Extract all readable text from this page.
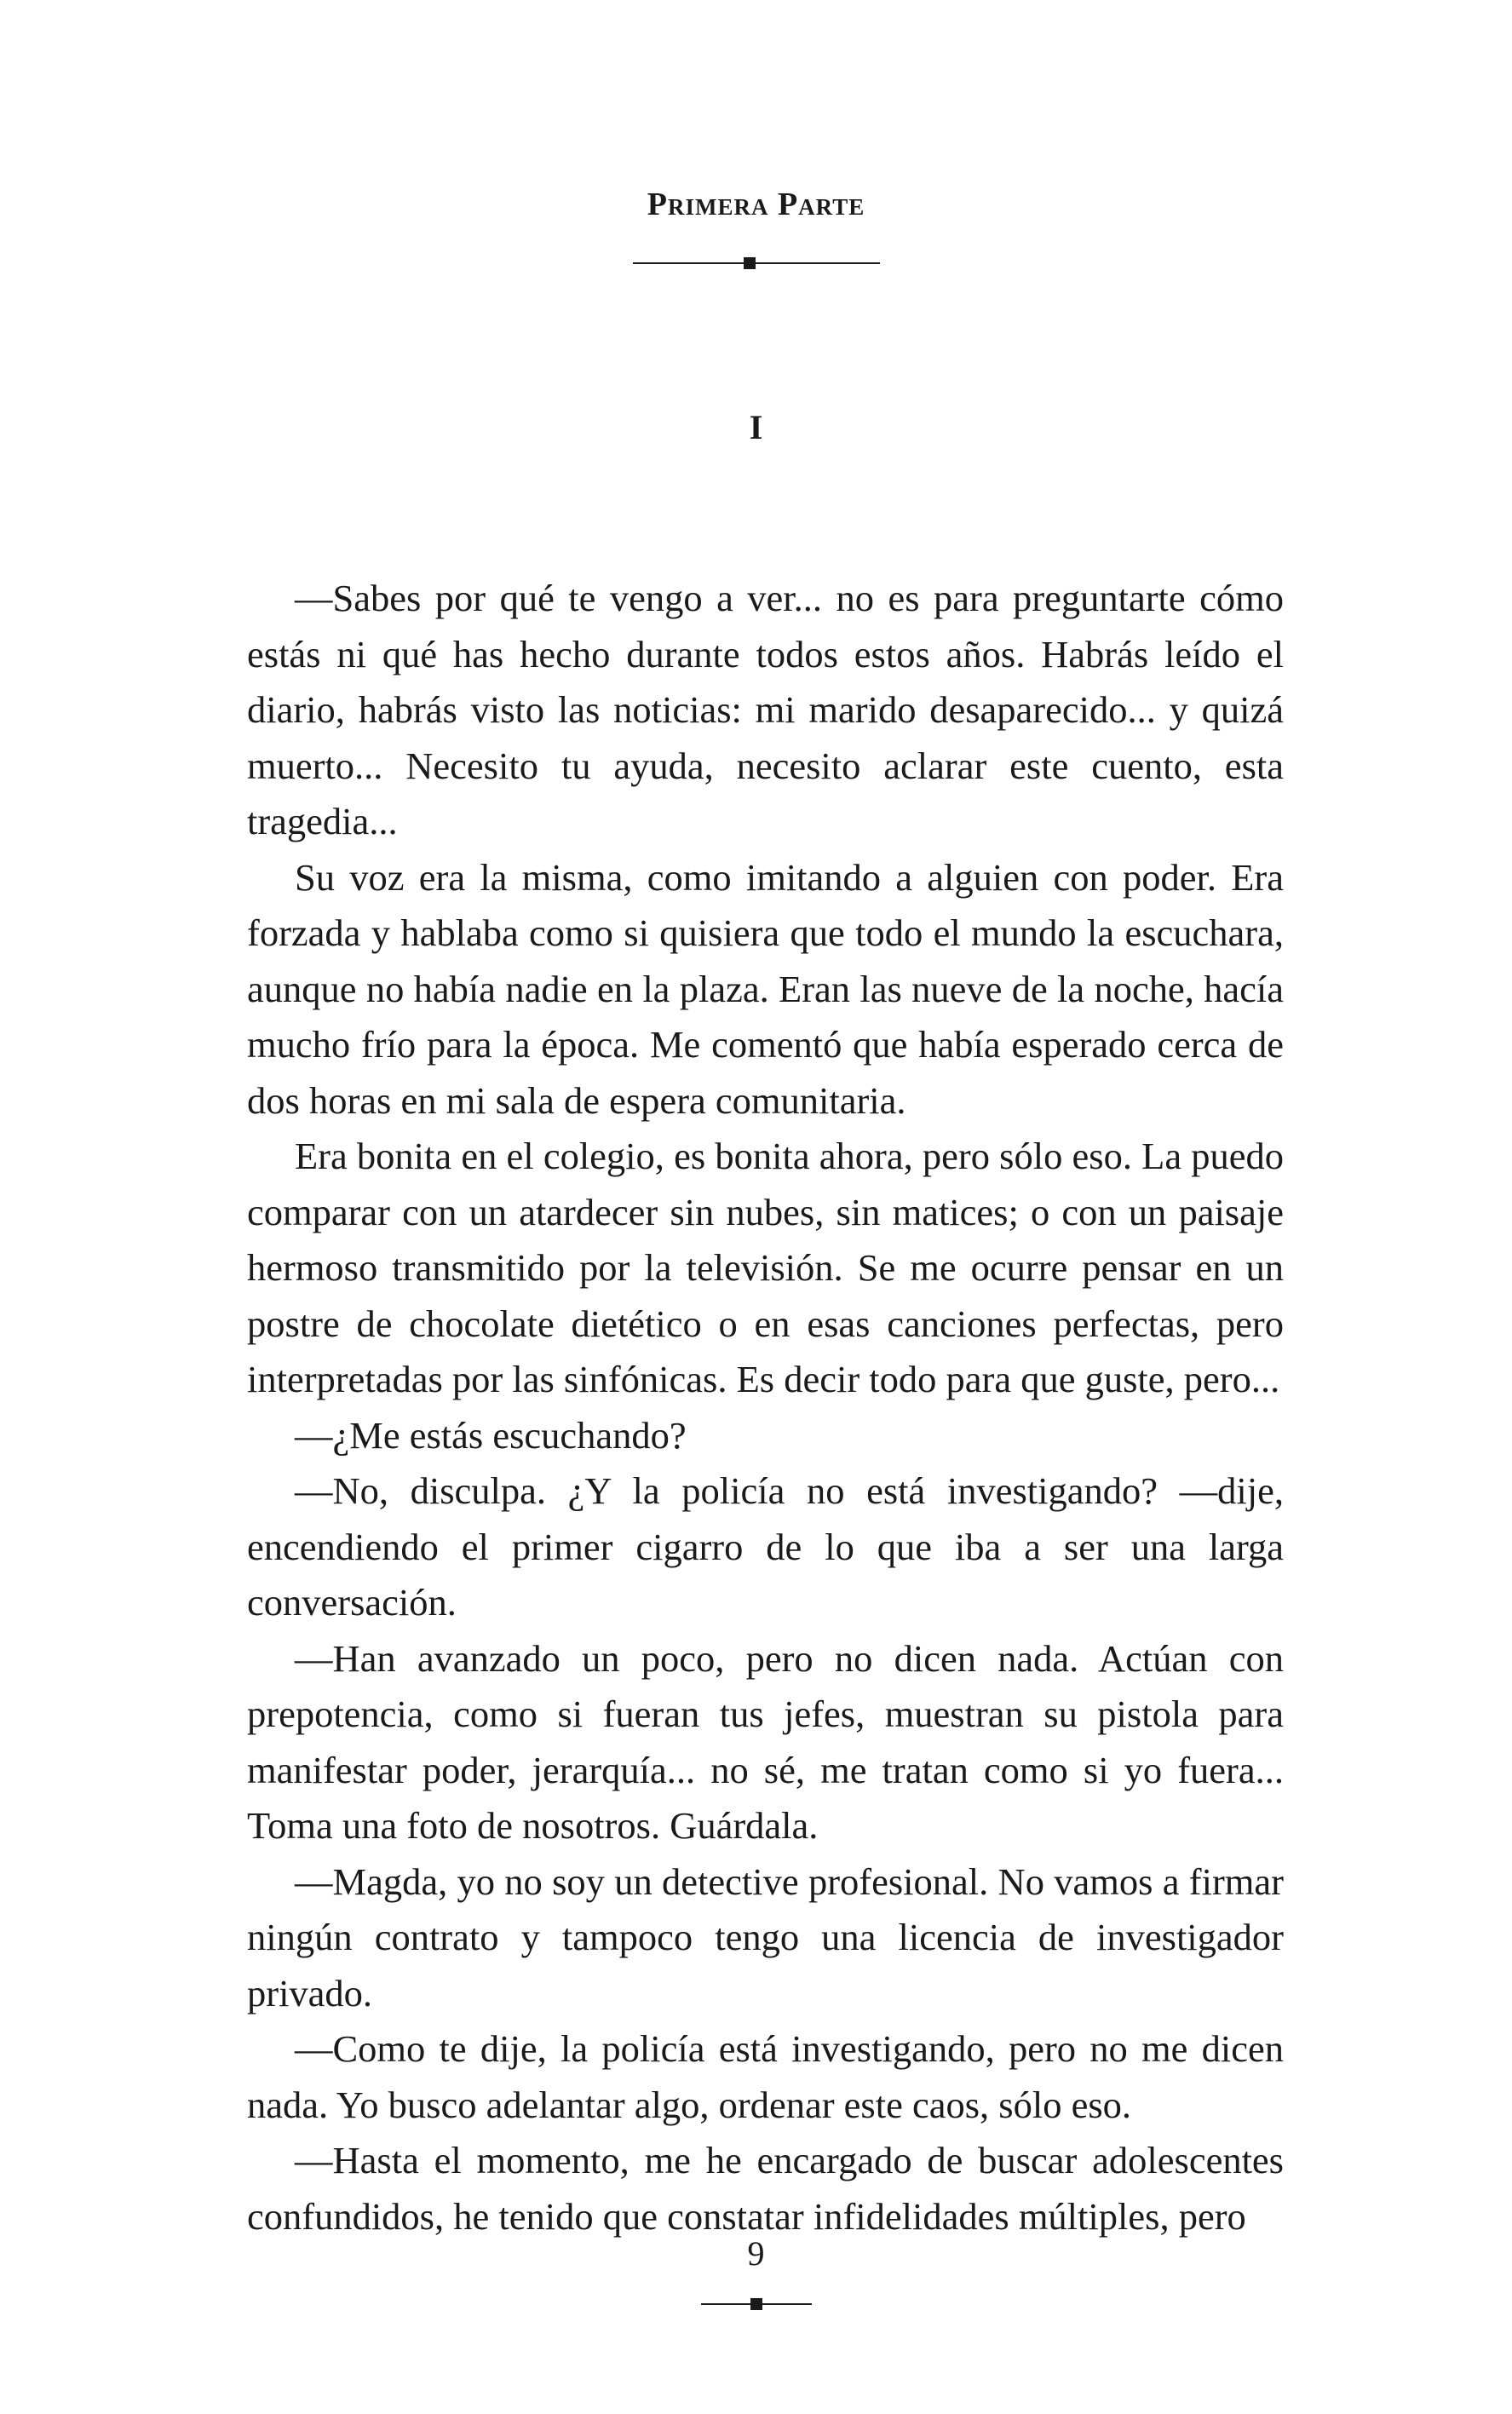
Primera Parte
I

—Sabes por qué te vengo a ver... no es para preguntarte cómo estás ni qué has hecho durante todos estos años. Habrás leído el diario, habrás visto las noticias: mi marido desaparecido... y quizá muerto... Necesito tu ayuda, necesito aclarar este cuento, esta tragedia...

Su voz era la misma, como imitando a alguien con poder. Era forzada y hablaba como si quisiera que todo el mundo la escuchara, aunque no había nadie en la plaza. Eran las nueve de la noche, hacía mucho frío para la época. Me comentó que había esperado cerca de dos horas en mi sala de espera comunitaria.

Era bonita en el colegio, es bonita ahora, pero sólo eso. La puedo comparar con un atardecer sin nubes, sin matices; o con un paisaje hermoso transmitido por la televisión. Se me ocurre pensar en un postre de chocolate dietético o en esas canciones perfectas, pero interpretadas por las sinfónicas. Es decir todo para que guste, pero...

—¿Me estás escuchando?

—No, disculpa. ¿Y la policía no está investigando? —dije, encendiendo el primer cigarro de lo que iba a ser una larga conversación.

—Han avanzado un poco, pero no dicen nada. Actúan con prepotencia, como si fueran tus jefes, muestran su pistola para manifestar poder, jerarquía... no sé, me tratan como si yo fuera... Toma una foto de nosotros. Guárdala.

—Magda, yo no soy un detective profesional. No vamos a firmar ningún contrato y tampoco tengo una licencia de investigador privado.

—Como te dije, la policía está investigando, pero no me dicen nada. Yo busco adelantar algo, ordenar este caos, sólo eso.

—Hasta el momento, me he encargado de buscar adolescentes confundidos, he tenido que constatar infidelidades múltiples, pero

9
